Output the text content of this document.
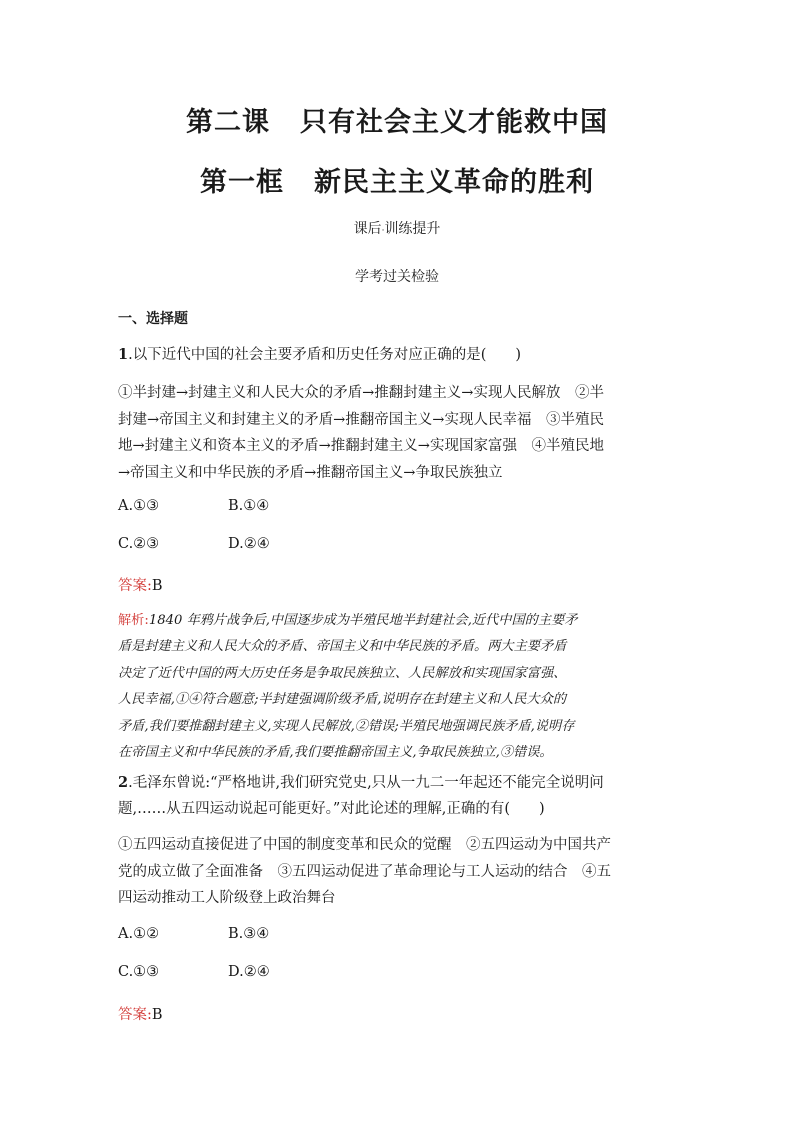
第二课 只有社会主义才能救中国
第一框 新民主主义革命的胜利
课后·训练提升
学考过关检验
一、选择题
1.以下近代中国的社会主要矛盾和历史任务对应正确的是(　　)
①半封建→封建主义和人民大众的矛盾→推翻封建主义→实现人民解放　②半
封建→帝国主义和封建主义的矛盾→推翻帝国主义→实现人民幸福　③半殖民
地→封建主义和资本主义的矛盾→推翻封建主义→实现国家富强　④半殖民地
→帝国主义和中华民族的矛盾→推翻帝国主义→争取民族独立
A.①③	B.①④
C.②③	D.②④
答案:B
解析:1840 年鸦片战争后,中国逐步成为半殖民地半封建社会,近代中国的主要矛
盾是封建主义和人民大众的矛盾、帝国主义和中华民族的矛盾。两大主要矛盾
决定了近代中国的两大历史任务是争取民族独立、人民解放和实现国家富强、
人民幸福,①④符合题意;半封建强调阶级矛盾,说明存在封建主义和人民大众的
矛盾,我们要推翻封建主义,实现人民解放,②错误;半殖民地强调民族矛盾,说明存
在帝国主义和中华民族的矛盾,我们要推翻帝国主义,争取民族独立,③错误。
2.毛泽东曾说:“严格地讲,我们研究党史,只从一九二一年起还不能完全说明问
题,……从五四运动说起可能更好。”对此论述的理解,正确的有(　　)
①五四运动直接促进了中国的制度变革和民众的觉醒　②五四运动为中国共产
党的成立做了全面准备　③五四运动促进了革命理论与工人运动的结合　④五
四运动推动工人阶级登上政治舞台
A.①②	B.③④
C.①③	D.②④
答案:B
